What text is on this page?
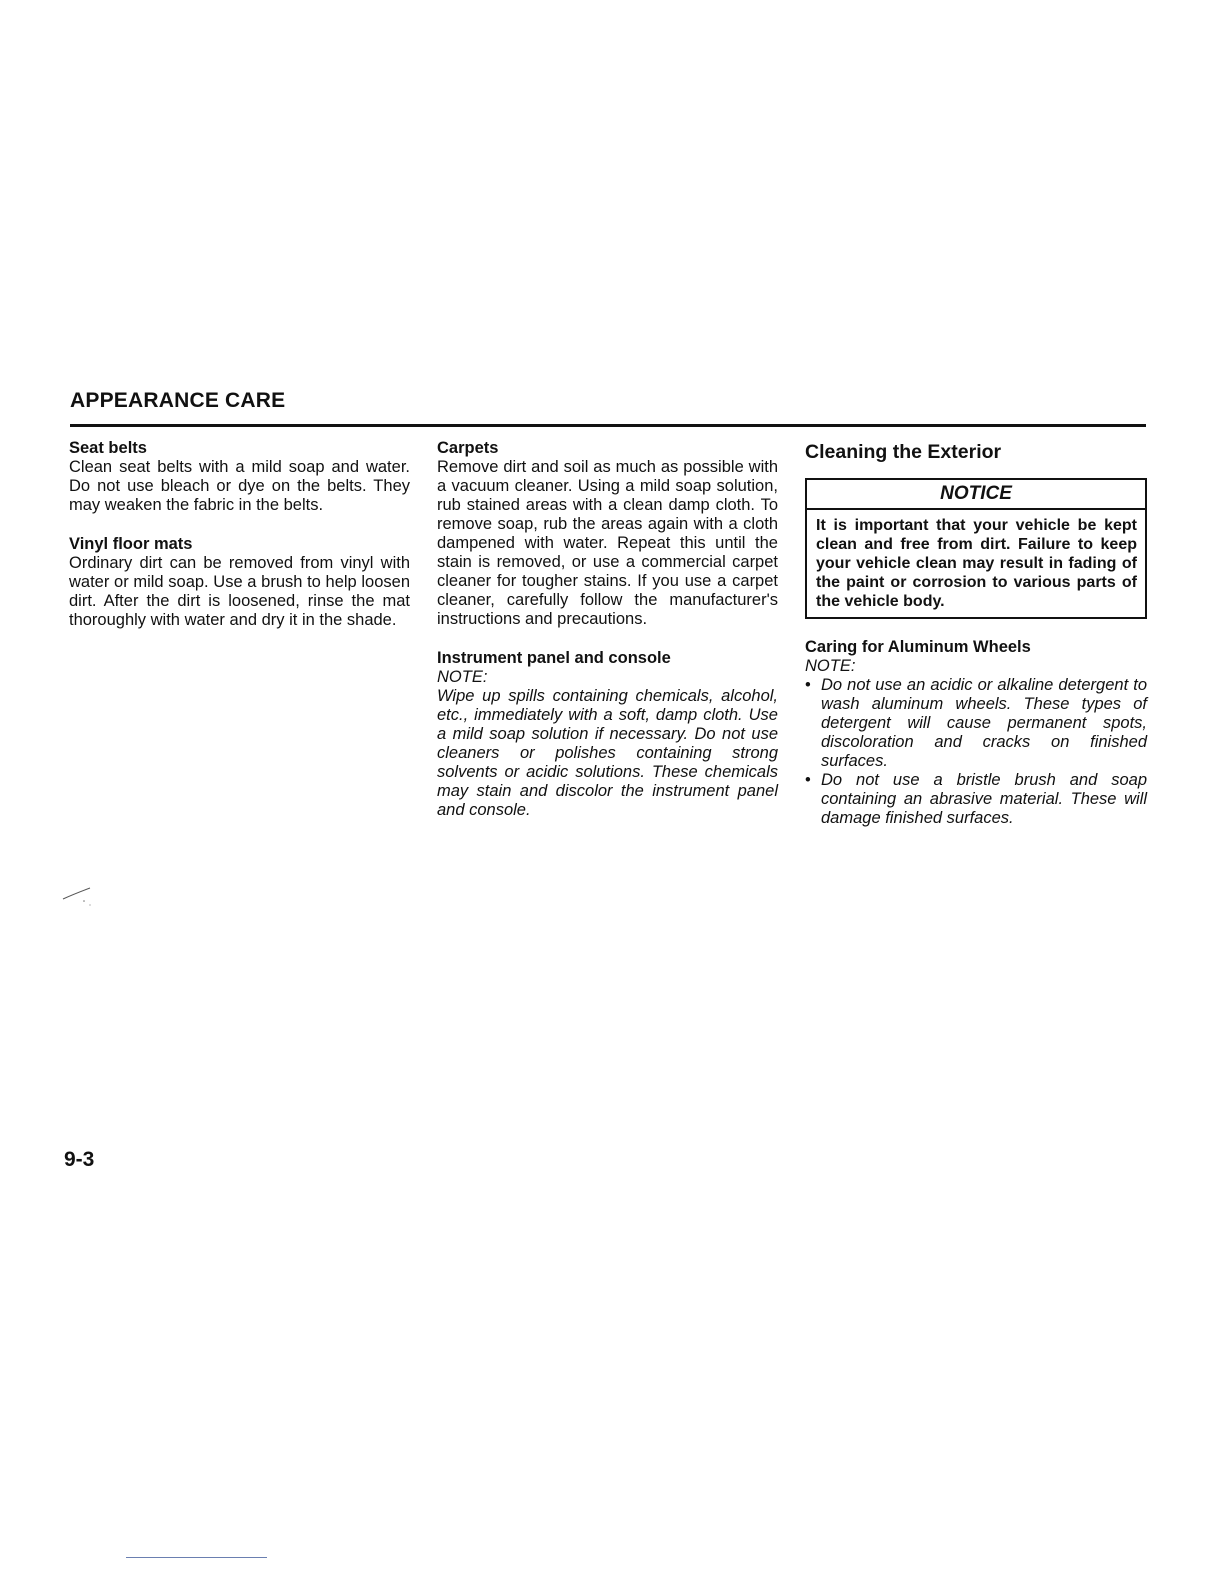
APPEARANCE CARE
Seat belts

Clean seat belts with a mild soap and water. Do not use bleach or dye on the belts. They may weaken the fabric in the belts.

Vinyl floor mats

Ordinary dirt can be removed from vinyl with water or mild soap. Use a brush to help loosen dirt. After the dirt is loosened, rinse the mat thoroughly with water and dry it in the shade.

Carpets

Remove dirt and soil as much as possible with a vacuum cleaner. Using a mild soap solution, rub stained areas with a clean damp cloth. To remove soap, rub the areas again with a cloth dampened with water. Repeat this until the stain is removed, or use a commercial carpet cleaner for tougher stains. If you use a carpet cleaner, carefully follow the manufacturer's instructions and precautions.

Instrument panel and console

NOTE:

Wipe up spills containing chemicals, alcohol, etc., immediately with a soft, damp cloth. Use a mild soap solution if necessary. Do not use cleaners or polishes containing strong solvents or acidic solutions. These chemicals may stain and discolor the instrument panel and console.

Cleaning the Exterior
NOTICE
It is important that your vehicle be kept clean and free from dirt. Failure to keep your vehicle clean may result in fading of the paint or corrosion to various parts of the vehicle body.
Caring for Aluminum Wheels

NOTE:

• Do not use an acidic or alkaline detergent to wash aluminum wheels. These types of detergent will cause permanent spots, discoloration and cracks on finished surfaces.
• Do not use a bristle brush and soap containing an abrasive material. These will damage finished surfaces.
9-3
